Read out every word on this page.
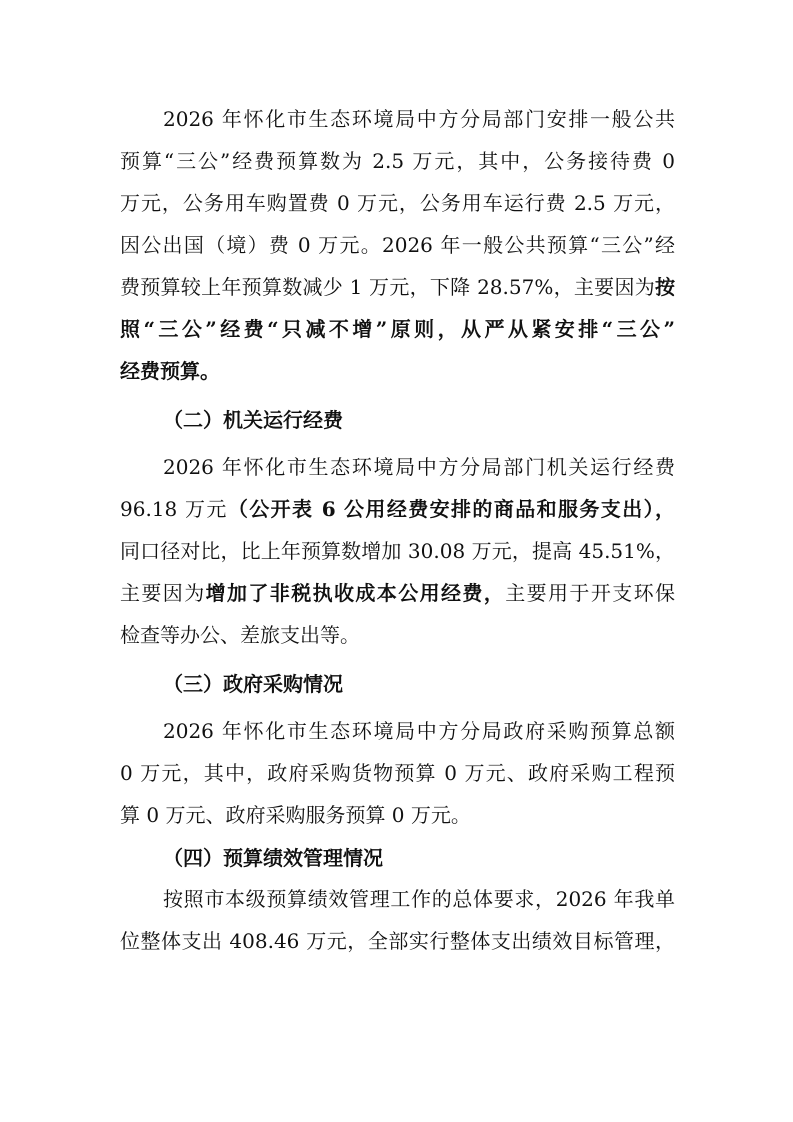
2026 年怀化市生态环境局中方分局部门安排一般公共
预算“三公”经费预算数为 2.5 万元，其中，公务接待费 0
万元，公务用车购置费 0 万元，公务用车运行费 2.5 万元，
因公出国（境）费 0 万元。2026 年一般公共预算“三公”经
费预算较上年预算数减少 1 万元，下降 28.57%，主要因为按
照“三公”经费“只减不增”原则，从严从紧安排“三公”
经费预算。
（二）机关运行经费
2026 年怀化市生态环境局中方分局部门机关运行经费
96.18 万元（公开表 6 公用经费安排的商品和服务支出），
同口径对比，比上年预算数增加 30.08 万元，提高 45.51%，
主要因为增加了非税执收成本公用经费，主要用于开支环保
检查等办公、差旅支出等。
（三）政府采购情况
2026 年怀化市生态环境局中方分局政府采购预算总额
0 万元，其中，政府采购货物预算 0 万元、政府采购工程预
算 0 万元、政府采购服务预算 0 万元。
（四）预算绩效管理情况
按照市本级预算绩效管理工作的总体要求，2026 年我单
位整体支出 408.46 万元，全部实行整体支出绩效目标管理，
